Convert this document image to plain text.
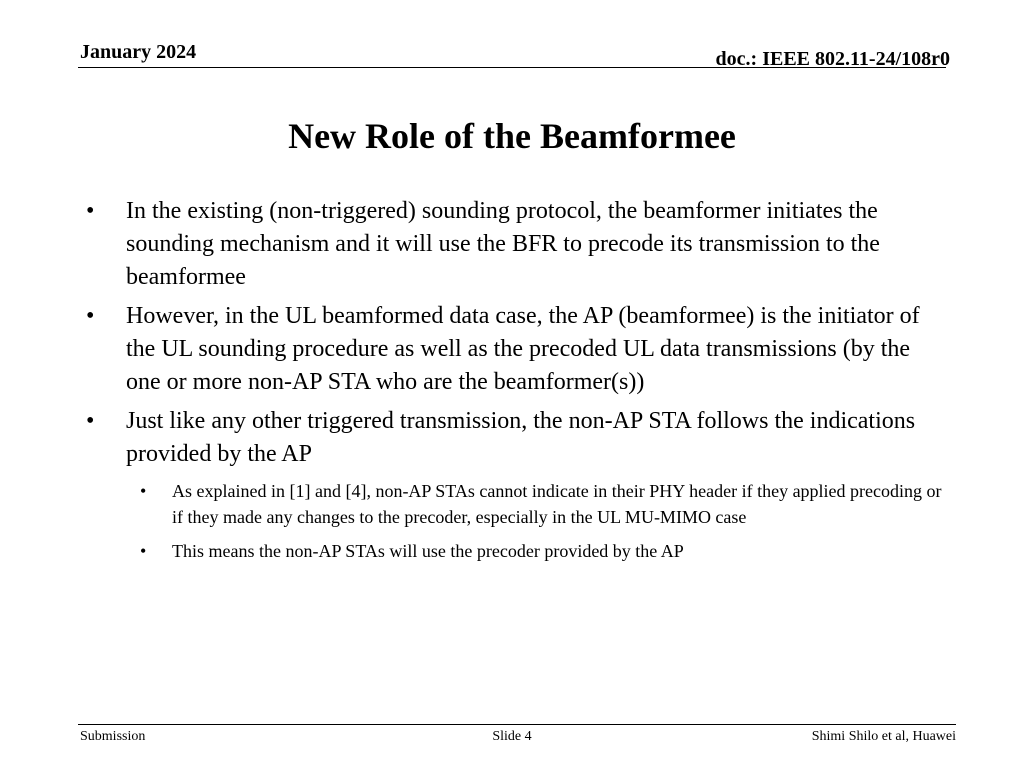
January 2024	doc.: IEEE 802.11-24/108r0
New Role of the Beamformee
•	In the existing (non-triggered) sounding protocol, the beamformer initiates the sounding mechanism and it will use the BFR to precode its transmission to the beamformee
•	However, in the UL beamformed data case, the AP (beamformee) is the initiator of the UL sounding procedure as well as the precoded UL data transmissions (by the one or more non-AP STA who are the beamformer(s))
•	Just like any other triggered transmission, the non-AP STA follows the indications provided by the AP
• As explained in [1] and [4], non-AP STAs cannot indicate in their PHY header if they applied precoding or if they made any changes to the precoder, especially in the UL MU-MIMO case
• This means the non-AP STAs will use the precoder provided by the AP
Submission	Slide 4	Shimi Shilo et al, Huawei
